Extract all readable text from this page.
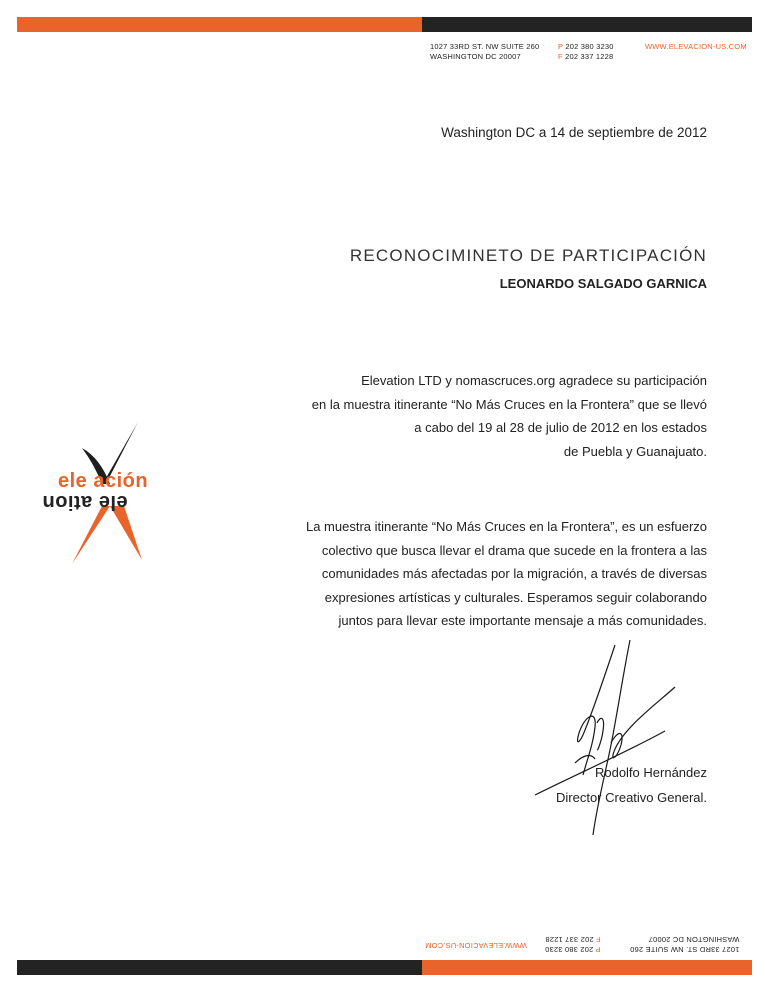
1027 33RD ST. NW SUITE 260
WASHINGTON DC 20007
P 202 380 3230
F 202 337 1228
WWW.ELEVACION-US.COM
1027 33RD ST. NW SUITE 260
WASHINGTON DC 20007
P 202 380 3230
F 202 337 1228
WWW.ELEVACION-US.COM
ele ación
ele ation
Washington DC a 14 de septiembre de 2012
RECONOCIMINETO DE PARTICIPACIÓN
LEONARDO SALGADO GARNICA
Elevation LTD y nomascruces.org agradece su participación
en la muestra itinerante “No Más Cruces en la Frontera” que se llevó
a cabo del 19 al 28 de julio de 2012 en los estados
de Puebla y Guanajuato.
La muestra itinerante “No Más Cruces en la Frontera”, es un esfuerzo
colectivo que busca llevar el drama que sucede en la frontera a las
comunidades más afectadas por la migración, a través de diversas
expresiones artísticas y culturales. Esperamos seguir colaborando
juntos para llevar este importante mensaje a más comunidades.
Rodolfo Hernández
Director Creativo General.
